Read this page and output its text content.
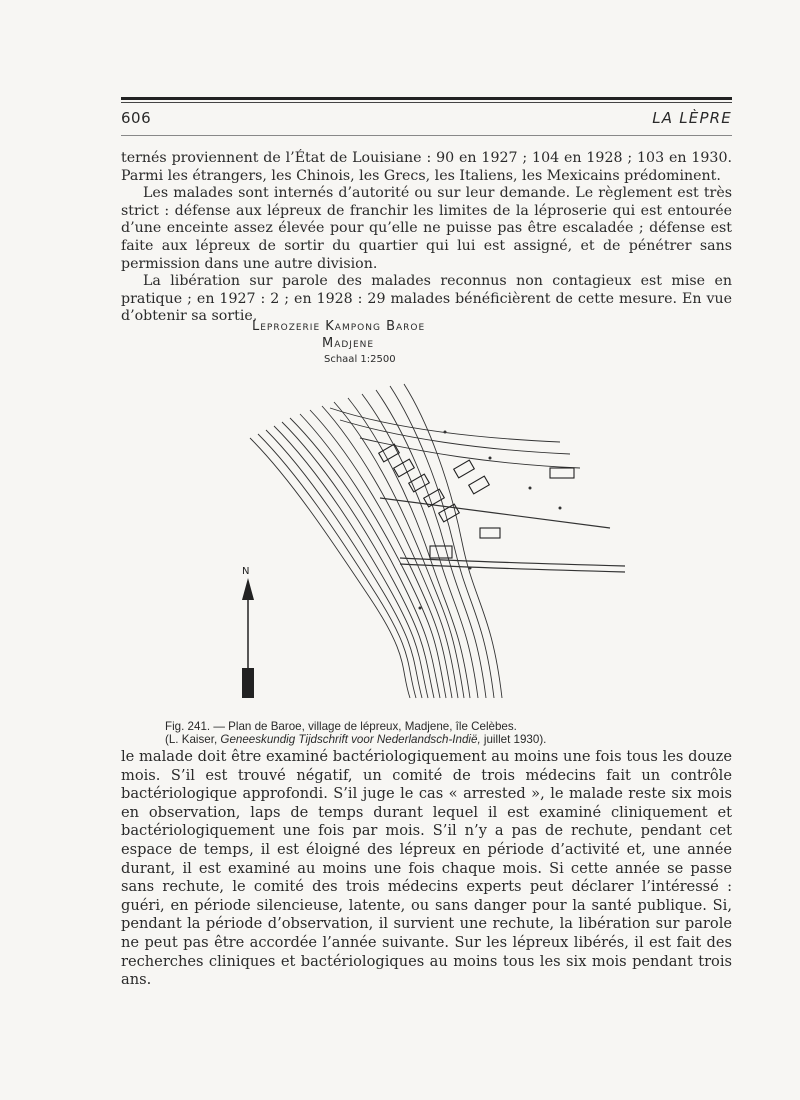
606	LA LÈPRE
ternés proviennent de l’État de Louisiane : 90 en 1927 ; 104 en 1928 ; 103 en 1930. Parmi les étrangers, les Chinois, les Grecs, les Italiens, les Mexicains prédominent.
Les malades sont internés d’autorité ou sur leur demande. Le règlement est très strict : défense aux lépreux de franchir les limites de la léproserie qui est entourée d’une enceinte assez élevée pour qu’elle ne puisse pas être escaladée ; défense est faite aux lépreux de sortir du quartier qui lui est assigné, et de pénétrer sans permission dans une autre division.
La libération sur parole des malades reconnus non contagieux est mise en pratique ; en 1927 : 2 ; en 1928 : 29 malades bénéficièrent de cette mesure. En vue d’obtenir sa sortie,
Leprozerie Kampong Baroe
Madjene
Schaal 1:2500
N

Fig. 241. — Plan de Baroe, village de lépreux, Madjene, île Celèbes.
(L. Kaiser, Geneeskundig Tijdschrift voor Nederlandsch-Indië, juillet 1930).

le malade doit être examiné bactériologiquement au moins une fois tous les douze mois. S’il est trouvé négatif, un comité de trois médecins fait un contrôle bactériologique approfondi. S’il juge le cas « arrested », le malade reste six mois en observation, laps de temps durant lequel il est examiné cliniquement et bactériologiquement une fois par mois. S’il n’y a pas de rechute, pendant cet espace de temps, il est éloigné des lépreux en période d’activité et, une année durant, il est examiné au moins une fois chaque mois. Si cette année se passe sans rechute, le comité des trois médecins experts peut déclarer l’intéressé : guéri, en période silencieuse, latente, ou sans danger pour la santé publique. Si, pendant la période d’observation, il survient une rechute, la libération sur parole ne peut pas être accordée l’année suivante. Sur les lépreux libérés, il est fait des recherches cliniques et bactériologiques au moins tous les six mois pendant trois ans.
